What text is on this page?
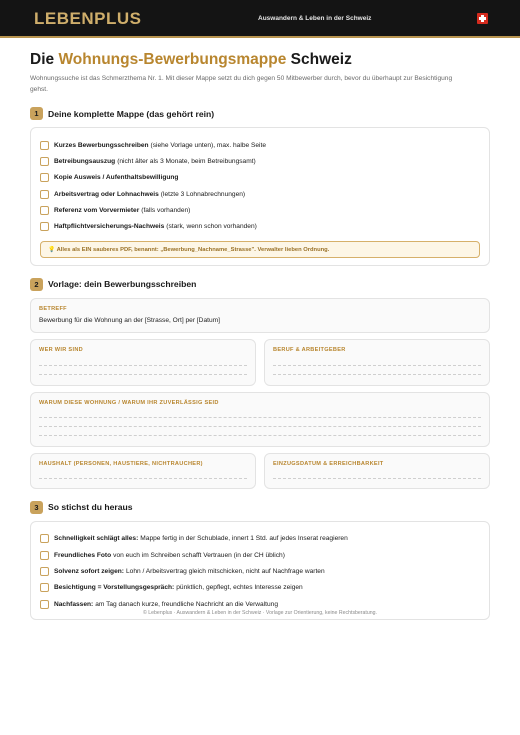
LEBENPLUS	Auswandern & Leben in der Schweiz
Die Wohnungs-Bewerbungsmappe Schweiz

Wohnungssuche ist das Schmerzthema Nr. 1. Mit dieser Mappe setzt du dich gegen 50 Mitbewerber durch, bevor du überhaupt zur Besichtigung gehst.

1	Deine komplette Mappe (das gehört rein)
Kurzes Bewerbungsschreiben (siehe Vorlage unten), max. halbe Seite
Betreibungsauszug (nicht älter als 3 Monate, beim Betreibungsamt)
Kopie Ausweis / Aufenthaltsbewilligung
Arbeitsvertrag oder Lohnachweis (letzte 3 Lohnabrechnungen)
Referenz vom Vorvermieter (falls vorhanden)
Haftpflichtversicherungs-Nachweis (stark, wenn schon vorhanden)
💡 Alles als EIN sauberes PDF, benannt: „Bewerbung_Nachname_Strasse". Verwalter lieben Ordnung.
2	Vorlage: dein Bewerbungsschreiben
BETREFF
Bewerbung für die Wohnung an der [Strasse, Ort] per [Datum]
WER WIR SIND	BERUF & ARBEITGEBER
WARUM DIESE WOHNUNG / WARUM IHR ZUVERLÄSSIG SEID
HAUSHALT (PERSONEN, HAUSTIERE, NICHTRAUCHER)	EINZUGSDATUM & ERREICHBARKEIT
3	So stichst du heraus
Schnelligkeit schlägt alles: Mappe fertig in der Schublade, innert 1 Std. auf jedes Inserat reagieren
Freundliches Foto von euch im Schreiben schafft Vertrauen (in der CH üblich)
Solvenz sofort zeigen: Lohn / Arbeitsvertrag gleich mitschicken, nicht auf Nachfrage warten
Besichtigung = Vorstellungsgespräch: pünktlich, gepflegt, echtes Interesse zeigen
Nachfassen: am Tag danach kurze, freundliche Nachricht an die Verwaltung
© Lebenplus · Auswandern & Leben in der Schweiz · Vorlage zur Orientierung, keine Rechtsberatung.
